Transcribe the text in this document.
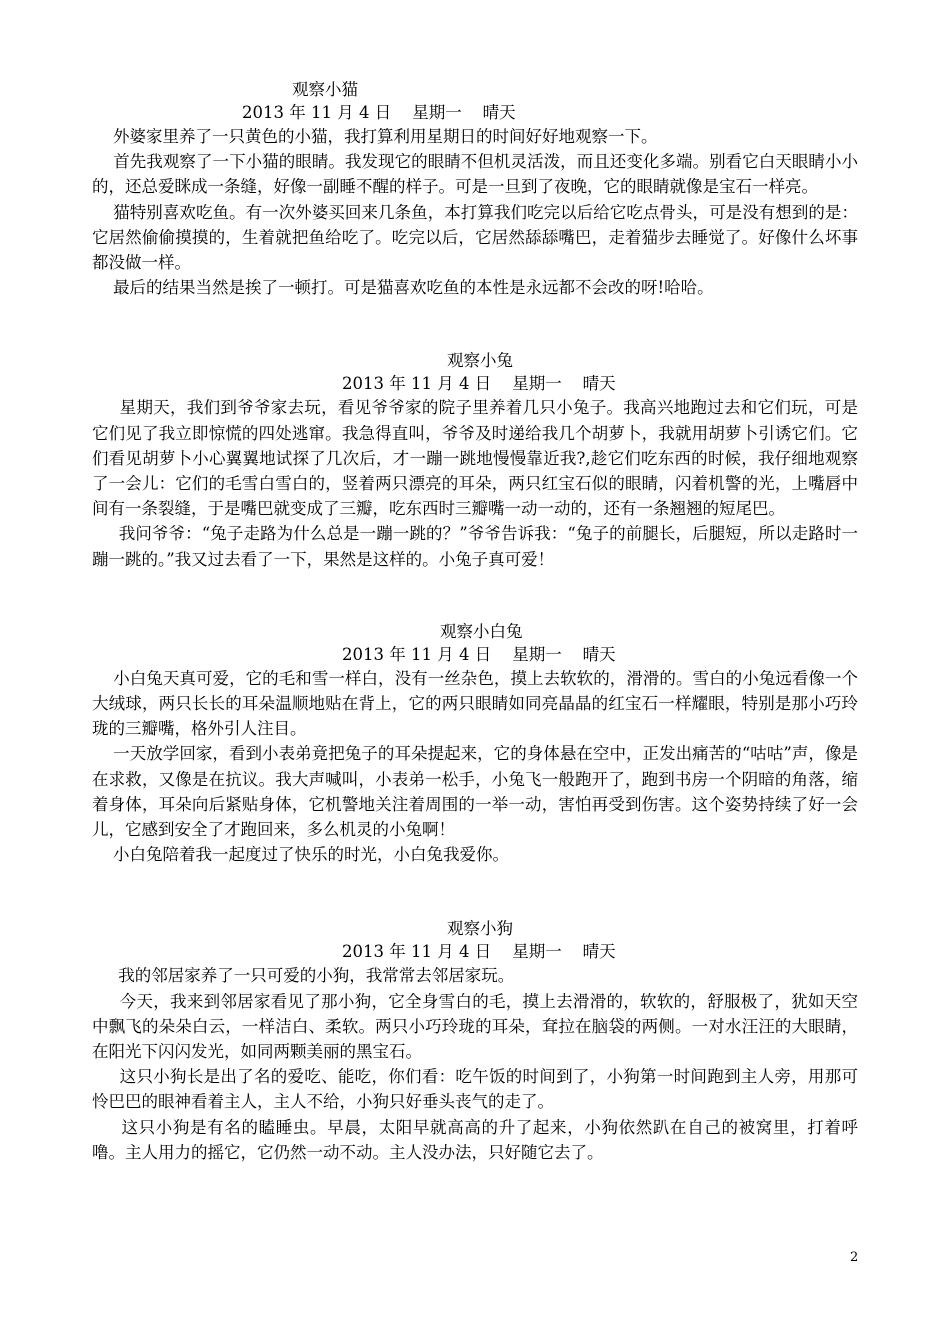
观察小猫
2013 年 11 月 4 日    星期一    晴天

外婆家里养了一只黄色的小猫，我打算利用星期日的时间好好地观察一下。

首先我观察了一下小猫的眼睛。我发现它的眼睛不但机灵活泼，而且还变化多端。别看它白天眼睛小小的，还总爱眯成一条缝，好像一副睡不醒的样子。可是一旦到了夜晚，它的眼睛就像是宝石一样亮。

猫特别喜欢吃鱼。有一次外婆买回来几条鱼，本打算我们吃完以后给它吃点骨头，可是没有想到的是：它居然偷偷摸摸的，生着就把鱼给吃了。吃完以后，它居然舔舔嘴巴，走着猫步去睡觉了。好像什么坏事都没做一样。

最后的结果当然是挨了一顿打。可是猫喜欢吃鱼的本性是永远都不会改的呀!哈哈。

观察小兔
2013 年 11 月 4 日    星期一    晴天

星期天，我们到爷爷家去玩，看见爷爷家的院子里养着几只小兔子。我高兴地跑过去和它们玩，可是它们见了我立即惊慌的四处逃窜。我急得直叫，爷爷及时递给我几个胡萝卜，我就用胡萝卜引诱它们。它们看见胡萝卜小心翼翼地试探了几次后，才一蹦一跳地慢慢靠近我?,趁它们吃东西的时候，我仔细地观察了一会儿：它们的毛雪白雪白的，竖着两只漂亮的耳朵，两只红宝石似的眼睛，闪着机警的光，上嘴唇中间有一条裂缝，于是嘴巴就变成了三瓣，吃东西时三瓣嘴一动一动的，还有一条翘翘的短尾巴。

我问爷爷：“兔子走路为什么总是一蹦一跳的？”爷爷告诉我：“兔子的前腿长，后腿短，所以走路时一蹦一跳的。”我又过去看了一下，果然是这样的。小兔子真可爱！

观察小白兔
2013 年 11 月 4 日    星期一    晴天

小白兔天真可爱，它的毛和雪一样白，没有一丝杂色，摸上去软软的，滑滑的。雪白的小兔远看像一个大绒球，两只长长的耳朵温顺地贴在背上，它的两只眼睛如同亮晶晶的红宝石一样耀眼，特别是那小巧玲珑的三瓣嘴，格外引人注目。

一天放学回家，看到小表弟竟把兔子的耳朵提起来，它的身体悬在空中，正发出痛苦的“咕咕”声，像是在求救，又像是在抗议。我大声喊叫，小表弟一松手，小兔飞一般跑开了，跑到书房一个阴暗的角落，缩着身体，耳朵向后紧贴身体，它机警地关注着周围的一举一动，害怕再受到伤害。这个姿势持续了好一会儿，它感到安全了才跑回来，多么机灵的小兔啊！

小白兔陪着我一起度过了快乐的时光，小白兔我爱你。

观察小狗
2013 年 11 月 4 日    星期一    晴天

我的邻居家养了一只可爱的小狗，我常常去邻居家玩。

今天，我来到邻居家看见了那小狗，它全身雪白的毛，摸上去滑滑的，软软的，舒服极了，犹如天空中飘飞的朵朵白云，一样洁白、柔软。两只小巧玲珑的耳朵，耷拉在脑袋的两侧。一对水汪汪的大眼睛，在阳光下闪闪发光，如同两颗美丽的黑宝石。

这只小狗长是出了名的爱吃、能吃，你们看：吃午饭的时间到了，小狗第一时间跑到主人旁，用那可怜巴巴的眼神看着主人，主人不给，小狗只好垂头丧气的走了。

这只小狗是有名的瞌睡虫。早晨，太阳早就高高的升了起来，小狗依然趴在自己的被窝里，打着呼噜。主人用力的摇它，它仍然一动不动。主人没办法，只好随它去了。

2
